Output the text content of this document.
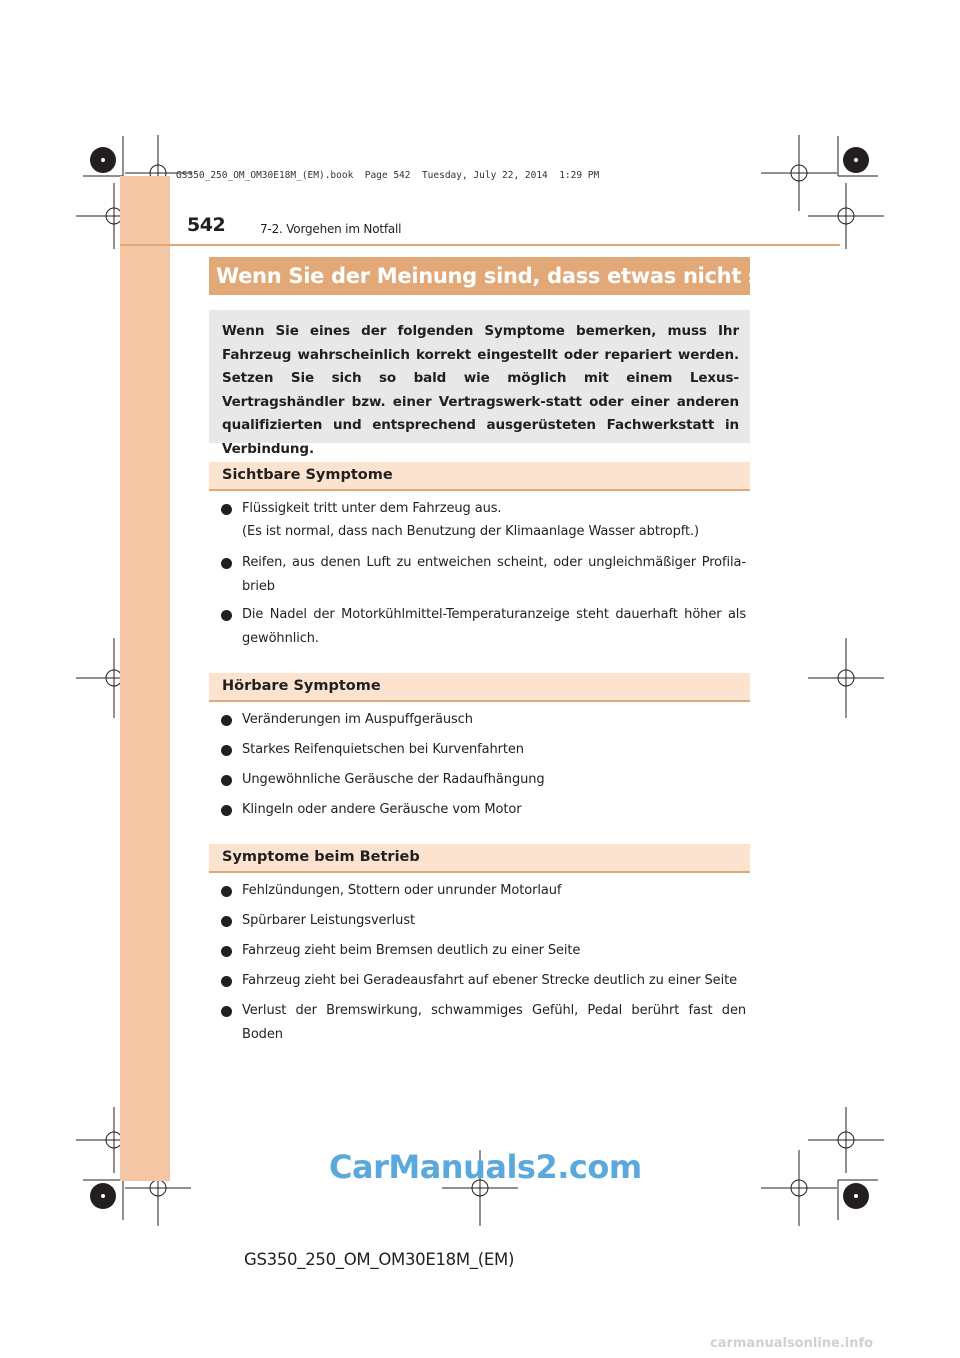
GS350_250_OM_OM30E18M_(EM).book  Page 542  Tuesday, July 22, 2014  1:29 PM
542	7-2. Vorgehen im Notfall
Wenn Sie der Meinung sind, dass etwas nicht stimmt
Wenn Sie eines der folgenden Symptome bemerken, muss Ihr Fahrzeug wahrscheinlich korrekt eingestellt oder repariert werden. Setzen Sie sich so bald wie möglich mit einem Lexus-Vertragshändler bzw. einer Vertragswerk-statt oder einer anderen qualifizierten und entsprechend ausgerüsteten Fachwerkstatt in Verbindung.
Sichtbare Symptome
Flüssigkeit tritt unter dem Fahrzeug aus.
(Es ist normal, dass nach Benutzung der Klimaanlage Wasser abtropft.)
Reifen, aus denen Luft zu entweichen scheint, oder ungleichmäßiger Profila-brieb
Die Nadel der Motorkühlmittel-Temperaturanzeige steht dauerhaft höher als gewöhnlich.
Hörbare Symptome
Veränderungen im Auspuffgeräusch
Starkes Reifenquietschen bei Kurvenfahrten
Ungewöhnliche Geräusche der Radaufhängung
Klingeln oder andere Geräusche vom Motor
Symptome beim Betrieb
Fehlzündungen, Stottern oder unrunder Motorlauf
Spürbarer Leistungsverlust
Fahrzeug zieht beim Bremsen deutlich zu einer Seite
Fahrzeug zieht bei Geradeausfahrt auf ebener Strecke deutlich zu einer Seite
Verlust der Bremswirkung, schwammiges Gefühl, Pedal berührt fast den Boden
CarManuals2.com
GS350_250_OM_OM30E18M_(EM)
carmanualsonline.info
